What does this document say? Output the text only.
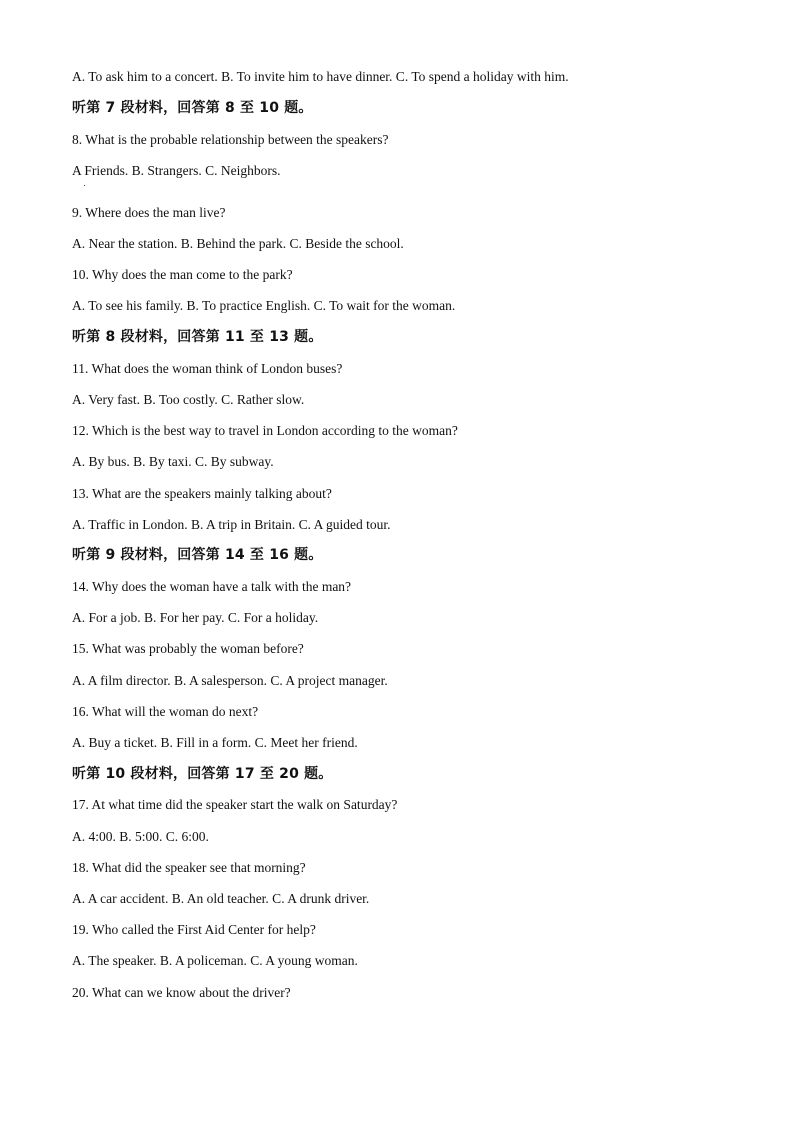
A. To ask him to a concert. B. To invite him to have dinner. C. To spend a holiday with him.
听第 7 段材料，回答第 8 至 10 题。
8. What is the probable relationship between the speakers?
A Friends. B. Strangers. C. Neighbors.
9. Where does the man live?
A. Near the station. B. Behind the park. C. Beside the school.
10. Why does the man come to the park?
A. To see his family. B. To practice English. C. To wait for the woman.
听第 8 段材料，回答第 11 至 13 题。
11. What does the woman think of London buses?
A. Very fast. B. Too costly. C. Rather slow.
12. Which is the best way to travel in London according to the woman?
A. By bus. B. By taxi. C. By subway.
13. What are the speakers mainly talking about?
A. Traffic in London. B. A trip in Britain. C. A guided tour.
听第 9 段材料，回答第 14 至 16 题。
14. Why does the woman have a talk with the man?
A. For a job. B. For her pay. C. For a holiday.
15. What was probably the woman before?
A. A film director. B. A salesperson. C. A project manager.
16. What will the woman do next?
A. Buy a ticket. B. Fill in a form. C. Meet her friend.
听第 10 段材料，回答第 17 至 20 题。
17. At what time did the speaker start the walk on Saturday?
A. 4:00. B. 5:00. C. 6:00.
18. What did the speaker see that morning?
A. A car accident. B. An old teacher. C. A drunk driver.
19. Who called the First Aid Center for help?
A. The speaker. B. A policeman. C. A young woman.
20. What can we know about the driver?
